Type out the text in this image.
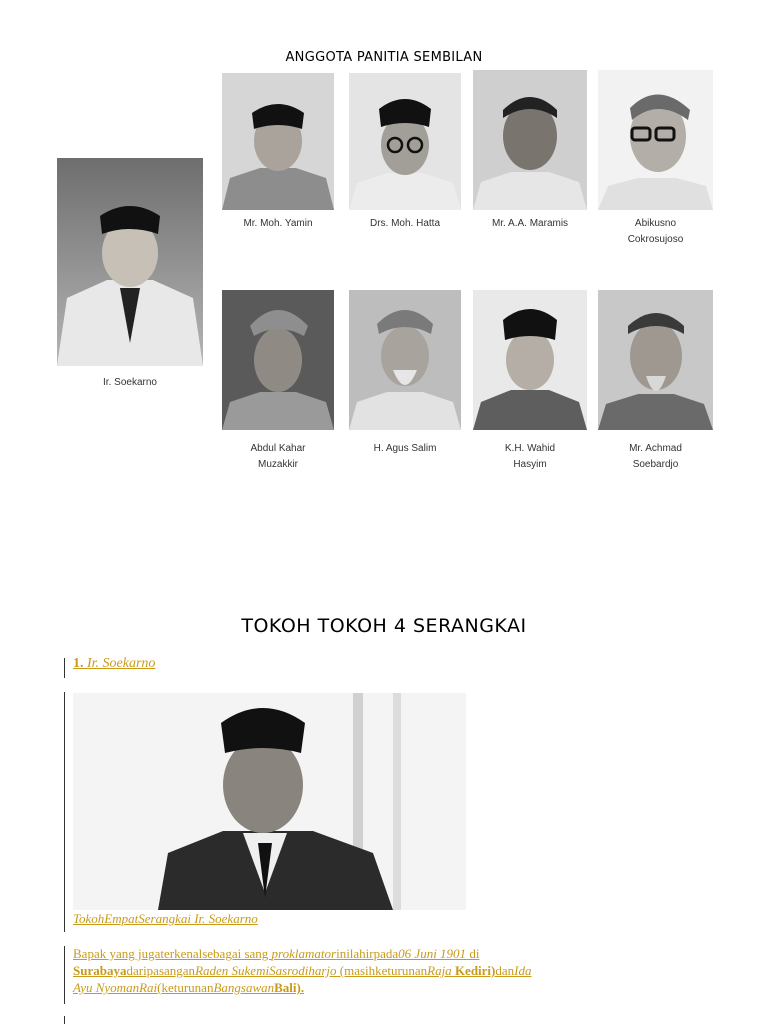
ANGGOTA PANITIA SEMBILAN
Ir. Soekarno
Mr. Moh. Yamin	Drs. Moh. Hatta	Mr. A.A. Maramis	Abikusno
Cokrosujoso
Abdul Kahar
Muzakkir
H. Agus Salim	K.H. Wahid
Hasyim
Mr. Achmad
Soebardjo
TOKOH TOKOH 4 SERANGKAI
1. Ir. Soekarno
TokohEmpatSerangkai Ir. Soekarno
Bapak yang jugaterkenalsebagai sang proklamatorinilahirpada06 Juni 1901 di
SurabayadaripasanganRaden SukemiSasrodiharjo (masihketurunanRaja Kediri)danIda
Ayu NyomanRai(keturunanBangsawanBali).
